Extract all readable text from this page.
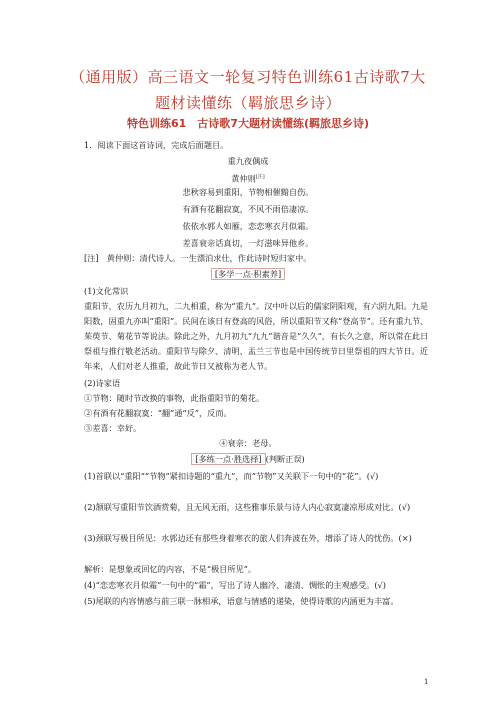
（通用版）高三语文一轮复习特色训练61古诗歌7大题材读懂练（羁旅思乡诗）
特色训练61　古诗歌7大题材读懂练(羁旅思乡诗)
1．阅读下面这首诗词，完成后面题目。
重九夜偶成
黄仲则[注]
悲秋容易到重阳，节物相催黯自伤。
有酒有花翻寂寞，不风不雨倍凄凉。
依依水郭人如雁，恋恋寒衣月似霜。
差喜衰亲话真切，一灯滋味异他乡。
[注]　黄仲则：清代诗人。一生漂泊求仕，作此诗时短归家中。
[多学一点·积素养]
(1)文化常识
重阳节，农历九月初九，二九相重，称为“重九”。汉中叶以后的儒家阴阳观，有六阴九阳。九是阳数，固重九亦叫“重阳”。民间在该日有登高的风俗，所以重阳节又称“登高节”。还有重九节、茱萸节、菊花节等说法。除此之外，九月初九“九九”谐音是“久久”，有长久之意，所以常在此日祭祖与推行敬老活动。重阳节与除夕、清明、盂兰三节也是中国传统节日里祭祖的四大节日。近年来，人们对老人推重，故此节日又被称为老人节。
(2)诗家语
①节物：随时节改换的事物，此指重阳节的菊花。
②有酒有花翻寂寞：“翻”通“反”，反而。
③差喜：幸好。
④衰亲：老母。
[多练一点·胜选择] (判断正误)
(1)首联以“重阳”“节物”紧扣诗题的“重九”，而“节物”又关联下一句中的“花”。(√)
(2)颔联写重阳节饮酒赏菊，且无风无雨，这些雅事乐景与诗人内心寂寞凄凉形成对比。(√)
(3)颈联写极目所见：水郭边还有那些身着寒衣的旅人们奔波在外，增添了诗人的忧伤。(×)
解析：是想象或回忆的内容，不是“极目所见”。
(4)“恋恋寒衣月似霜”一句中的“霜”，写出了诗人幽冷、凄清、惆怅的主观感受。(√)
(5)尾联的内容情感与前三联一脉相承，语意与情感的递染，使得诗歌的内涵更为丰富。
1
